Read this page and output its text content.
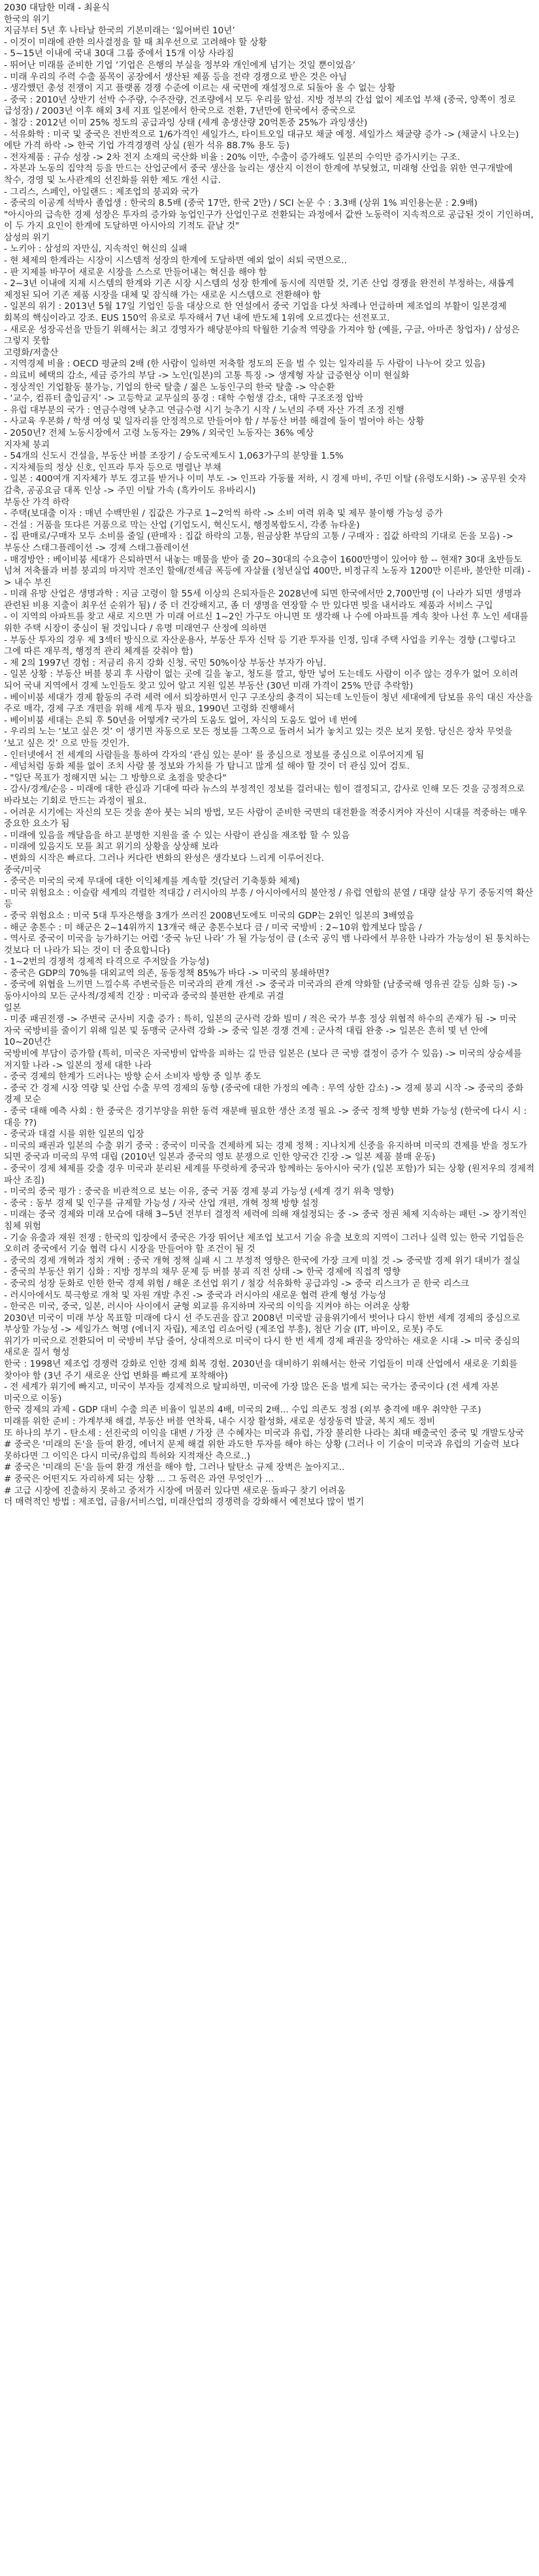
2030 대담한 미래 - 최윤식
한국의 위기
지금부터 5년 후 나타날 한국의 기본미래는 ‘잃어버린 10년’
- 이것이 미래에 관한 의사결정을 할 때 최우선으로 고려해야 할 상황
- 5~15년 이내에 국내 30대 그룹 중에서 15개 이상 사라짐
- 뛰어난 미래를 준비한 기업 ‘기업은 은행의 부실을 정부와 개인에게 넘기는 것일 뿐이었음’
- 미래 우리의 주력 수출 품목이 공장에서 생산된 제품 등을 전략 경쟁으로 받은 것은 아님
- 생각했던 총성 전쟁이 지고 플랫폼 경쟁 수준에 이르는 새 국면에 재설정으로 되돌아 올 수 없는 상황
- 중국 : 2010년 상반기 선박 수주량, 수주잔량, 건조량에서 모두 우리를 앞섬. 지방 정부의 간섭 없이 제조업 부채 (중국, 양쪽이 정로 급성장) / 2003년 이후 해외 3세 지표 일본에서 한국으로 전환, 7년만에 한국에서 중국으로
- 철강 : 2012년 이미 25% 정도의 공급과잉 상태 (세계 총생산량 20억톤중 25%가 과잉생산)
- 석유화학 : 미국 및 중국은 전반적으로 1/6가격인 셰일가스, 타이트오일 대규모 채굴 예정. 세일가스 채굴량 증가 -> (채굴시 나오는) 에탄 가격 하락 -> 한국 기업 가격경쟁력 상실 (원가 석유 88.7% 용도 등)
- 전자제품 : 규슈 성장 -> 2차 전지 소재의 국산화 비율 : 20% 이만, 수출이 증가해도 일본의 수익만 증가시키는 구조.
- 자본과 노동의 집약적 등을 만드는 산업군에서 중국 생산을 늘리는 생산지 이전이 한계에 부딪혔고, 미래형 산업을 위한 연구개발에 착수, 경영 및 노사관계의 선진화를 위한 제도 개선 시급.
- 그리스, 스페인, 아일랜드 : 제조업의 붕괴와 국가
- 중국의 이공계 석박사 졸업생 : 한국의 8.5배 (중국 17만, 한국 2만) / SCI 논문 수 : 3.3배 (상위 1% 피인용논문 : 2.9배)
"아시아의 급속한 경제 성장은 투자의 증가와 농업인구가 산업인구로 전환되는 과정에서 값싼 노동력이 지속적으로 공급된 것이 기인하며, 이 두 가지 요인이 한계에 도달하면 아시아의 기적도 끝날 것"
삼성의 위기
- 노키아 : 삼성의 자만심, 지속적인 혁신의 실패
- 현 체제의 한계라는 시장이 시스템적 성장의 한계에 도달하면 예외 없이 쇠퇴 국면으로..
- 판 지제를 바꾸어 새로운 시장을 스스로 만들어내는 혁신을 해야 함
- 2~3년 이내에 지제 시스템의 한계와 기존 시장 시스템의 성장 한계에 동시에 직면할 것, 기존 산업 경쟁을 완전히 부정하는, 새롭게 제정된 되어 기존 제품 시장을 대체 및 잠식해 가는 새로운 시스템으로 전환해야 함
- 일본의 위기 : 2013년 5월 17일 기업인 등을 대상으로 한 연설에서 중국 기업을 다섯 차례나 언급하며 제조업의 부활이 일본경제 회복의 핵심이라고 강조. EUS 150억 유로로 투자해서 7년 내에 반도체 1위에 오르겠다는 선전포고.
- 새로운 성장곡선을 만들기 위해서는 최고 경영자가 해당분야의 탁월한 기술적 역량을 가져야 함 (예를, 구글, 아마존 창업자) / 삼성은 그렇지 못함
고령화/저출산
- 지역경제 비율 : OECD 평균의 2배 (한 사람이 일하면 저축할 정도의 돈을 벌 수 있는 일자리를 두 사람이 나누어 갖고 있음)
- 의료비 혜택의 감소, 세금 증가의 부담 -> 노인(일본)의 고통 특징 -> 생계형 자살 급증현상 이미 현실화
- 정상적인 기업활동 불가능, 기업의 한국 탈출 / 젊은 노동인구의 한국 탈출 -> 악순환
- ‘교수, 컴퓨터 출입금지’ -> 고등학교 교무실의 풍경 : 대학 수험생 감소, 대학 구조조정 압박
- 유럽 대부분의 국가 : 연금수령액 낮추고 연금수령 시기 늦추기 시작 / 노년의 주택 자산 가격 조정 진행
- 사교육 우본화 / 학생 여성 및 일자리를 안정적으로 만들어야 함 / 부동산 버블 해결에 둘이 벌어야 하는 상황
- 2050년? 전체 노동시장에서 고령 노동자는 29% / 외국인 노동자는 36% 예상
지자체 붕괴
- 54개의 신도시 건설을, 부동산 버블 조장기 / 승도국제도시 1,063가구의 분양률 1.5%
- 지자체들의 정상 신호, 인프라 투자 등으로 명렬난 부채
- 일본 : 400여개 지자체가 부도 경고를 받거나 이미 부도 -> 인프라 가동률 저하, 시 경제 마비, 주민 이탈 (유령도시화) -> 공무원 숫자 감축, 공공요금 대폭 인상 -> 주민 이탈 가속 (흑카이도 유바리시)
부동산 가격 하락
- 주택(보대출 이자 : 매년 수백만원 / 집값은 가구로 1~2억씩 하락 -> 소비 여력 위축 및 제무 불이행 가능성 증가
- 건설 : 거품을 또다른 거품으로 막는 산업 (기업도시, 혁신도시, 행정복합도시, 각종 뉴타운)
- 집 판매로/구매자 모두 소비를 줄일 (판매자 : 집값 하락의 고통, 원금상환 부담의 고통 / 구매자 : 집값 하락의 기대로 돈을 모음) -> 부동산 스태그플레이션 -> 경제 스태그플레이션
- 매경방안 : 베이비붐 세대가 은퇴하면서 내놓는 매물을 받아 줄 20~30대의 수요층이 1600만명이 있어야 함 -- 현재? 30대 초반들도 넘쳐 저축률과 버블 붕괴의 마지막 전조인 할애/전세금 폭등에 자살률 (청년실업 400만, 비정규직 노동자 1200만 이른바, 불안한 미래) -> 내수 부진
- 미래 유망 산업은 생명과학 : 지금 고령이 할 55세 이상의 은퇴자들은 2028년에 되면 한국에서만 2,700만명 (이 나라가 되면 생명과 관련된 비용 지출이 최우선 순위가 됨) / 중 더 건강해지고, 좀 더 생명을 연장할 수 만 있다면 빚을 내서라도 제품과 서비스 구입
- 이 지역의 아파트를 찾고 새로 지으면 가 미래 어르신 1~2인 가구도 아니면 또 생각해 나 수에 아파트를 계속 찾아 나선 후 노인 세대를 위한 주택 시장이 중심이 될 것입니다 / 유명 미래연구 산정에 의하면
- 부동산 투자의 경우 제 3섹터 방식으로 자산운용사, 부동산 투자 신탁 등 기관 투자를 인정, 임대 주택 사업을 키우는 경향 (그렇다고 그에 따른 재무적, 행정적 관리 체계를 갖춰야 함)
- 제 2의 1997년 경험 : 저금리 유지 강화 신청. 국민 50%이상 부동산 부자가 아님.
- 일본 상황 : 부동산 버블 붕괴 후 사람이 없는 곳에 길을 놓고, 청도를 깔고, 항만 넣어 도는데도 사람이 이주 않는 경우가 없어 오히려 되어 국내 지역에서 경제 노인들도 찾고 있어 알고 지원 일본 부동산 (30년 미래 가격이 25% 만큼 추락함)
- 베이비붐 세대가 경제 활동의 주력 세력 에서 퇴장하면서 인구 구조상의 충격이 되는데 노인들이 청년 세대에게 담보를 유익 대신 자산을 주로 매각, 경제 구조 개편을 위해 세계 투자 필요, 1990년 고령화 진행해서
- 베이비붐 세대는 은퇴 후 50년을 어떻게? 국가의 도움도 없어, 자식의 도움도 없어 네 번에
- 우리의 노는 ‘보고 싶은 것’ 이 생기면 자동으로 모든 정보를 그쪽으로 돌려서 뇌가 놓치고 있는 것은 보지 못함. 당신은 장차 무엇을 ‘보고 싶은 것’ 으로 만들 것인가.
- 인터넷에서 전 세계의 사람들을 통하여 각자의 ‘관심 있는 분야’ 를 중심으로 정보를 중심으로 이루어지게 됨
- 세넘처럼 동화 제를 없이 조치 사람 불 정보와 가치를 가 탐니고 많게 설 해야 할 것이 더 관심 있어 검토.
- "일단 목표가 정해지면 뇌는 그 방향으로 초점을 맞춘다"
- 감사/경계/순응 - 미래에 대한 관심과 기대에 따라 뉴스의 부정적인 정보를 걸러내는 힘이 결정되고, 감사로 인해 모든 것을 긍정적으로 바라보는 기회로 만드는 과정이 필요.
- 어려운 시기에는 자신의 모든 것을 쏟아 붓는 뇌의 방법, 모든 사람이 준비한 국면의 대전환을 적중시켜야 자신이 시대를 적중하는 매우 중요한 요소가 됨
- 미래에 있음을 깨달음을 하고 분명한 지원을 줄 수 있는 사람이 관심을 재조합 할 수 있음
- 미래에 있음지도 모를 최고 위기의 상황을 상상해 보라
- 변화의 시작은 빠르다. 그러나 커다란 변화의 완성은 생각보다 느리게 이루어진다.
중국/미국
- 중국은 미국의 국제 무대에 대한 이익체계를 계속할 것(달러 기축통화 체제)
- 미국 위험요소 : 이슬람 세계의 격렬한 적대감 / 러시아의 부흥 / 아시아에서의 불안정 / 유럽 연합의 분열 / 대량 살상 무기 중동지역 확산 등
- 중국 위험요소 : 미국 5대 투자은행을 3개가 쓰러진 2008년도에도 미국의 GDP는 2위인 일본의 3배였음
- 해군 총톤수 : 미 해군은 2~14위까지 13개국 해군 총톤수보다 큼 / 미국 국방비 : 2~10위 합계보다 많음 /
- 역사로 중국이 미국을 능가하기는 어렵 ‘중국 뉴딘 나라’ 가 될 가능성이 큼 (소국 공익 뱀 나라에서 부유한 나라가 가능성이 된 통치하는 것보다 더 나라가 되는 것이 더 중요합니다)
- 1~2번의 경쟁적 경제적 타격으로 주저앉을 가능성)
- 중국은 GDP의 70%를 대외교역 의존, 동동정책 85%가 바다 -> 미국의 봉쇄하면?
- 중국에 위협을 느끼면 느낄수록 주변국들은 미국과의 관계 개선 -> 중국과 미국과의 관계 약화할 (남중국해 영유권 갈등 심화 등) -> 동아시아의 모든 군사적/경제적 긴장 : 미국과 중국의 불편한 관계로 귀결
일본
- 미중 패권전쟁 -> 주변국 군사비 지출 증가 : 특히, 일본의 군사력 강화 빌미 / 적은 국가 부흥 정상 위협적 하수의 존재가 됨 -> 미국 자국 국방비를 줄이기 위해 일본 및 동맹국 군사력 강화 -> 중국 일본 경쟁 견제 : 군사적 대립 완충 -> 일본은 흔히 몇 년 안에 10~20년간
국방비에 부담이 증가할 (특히, 미국은 자국방비 압박을 피하는 길 만큼 일본은 (보다 큰 국방 결정이 증가 수 있음) -> 미국의 상승세를 저지할 나라 -> 일본의 정세 대한 나라
- 중국 경제의 한계가 드러나는 방향 순서 소비자 방향 중 일부 종도
- 중국 간 경제 시장 역량 및 산업 수출 무역 경제의 동향 (중국에 대한 가정의 예측 : 무역 상한 감소) -> 경제 붕괴 시작 -> 중국의 중화 경제 모순
- 중국 대해 예측 사회 : 한 중국은 경기부양을 위한 동력 재분배 필요한 생산 조정 필요 -> 중국 정책 방향 변화 가능성 (한국에 다시 시 : 대응 ??)
- 중국과 대결 시를 위한 일본의 입장
- 미국의 패권과 일본의 수출 위기 중국 : 중국이 미국을 견제하게 되는 경제 정책 : 지나치게 신중을 유지하며 미국의 견제를 받을 정도가 되면 중국과 미국의 무역 대립 (2010년 일본과 중국의 영토 분쟁으로 인한 양국간 긴장 -> 일본 제품 불매 운동)
- 중국이 경제 체제를 갖출 경우 미국과 분리된 세계를 뚜렷하게 중국과 함께하는 동아시아 국가 (일본 포함)가 되는 상황 (원저우의 경제적 파산 조짐)
- 미국의 중국 평가 : 중국을 비관적으로 보는 이유, 중국 거품 경제 붕괴 가능성 (세계 경기 위축 영향)
- 중국 : 동부 경제 및 인구를 규제할 가능성 / 자국 산업 개편, 개혁 정책 방향 설정
- 미래는 중국 경제와 미래 모습에 대해 3~5년 전부터 결정적 세력에 의해 재설정되는 중 -> 중국 정권 체제 지속하는 패턴 -> 장기적인 침체 위험
- 기술 유출과 재원 전쟁 : 한국의 입장에서 중국은 가장 뛰어난 제조업 보고서 기술 유출 보호의 지역이 그러나 실력 있는 한국 기업들은 오히려 중국에서 기술 협력 다시 시장을 만들어야 할 조건이 될 것
- 중국의 경제 개혁과 정치 개혁 : 중국 개혁 정책 실패 시 그 부정적 영향은 한국에 가장 크게 미칠 것 -> 중국발 경제 위기 대비가 절실
- 중국의 부동산 위기 심화 : 지방 정부의 채무 문제 등 버블 붕괴 직전 상태 -> 한국 경제에 직접적 영향
- 중국의 성장 둔화로 인한 한국 경제 위험 / 해운 조선업 위기 / 철강 석유화학 공급과잉 -> 중국 리스크가 곧 한국 리스크
- 러시아에서도 북극항로 개척 및 자원 개발 추진 -> 중국과 러시아의 새로운 협력 관계 형성 가능성
- 한국은 미국, 중국, 일본, 러시아 사이에서 균형 외교를 유지하며 자국의 이익을 지켜야 하는 어려운 상황
2030년 미국이 미래 부상 목표할 미래에 다시 선 주도권을 잡고 2008년 미국발 금융위기에서 벗어나 다시 한번 세계 경제의 중심으로 부상할 가능성 -> 셰일가스 혁명 (에너지 자립), 제조업 리쇼어링 (제조업 부흥), 첨단 기술 (IT, 바이오, 로봇) 주도
위기가 미국으로 전환되어 미 국방비 부담 줄어, 상대적으로 미국이 다시 한 번 세계 경제 패권을 장악하는 새로운 시대 -> 미국 중심의 새로운 질서 형성
한국 : 1998년 제조업 경쟁력 강화로 인한 경제 회복 경험. 2030년을 대비하기 위해서는 한국 기업들이 미래 산업에서 새로운 기회를 찾아야 함 (3년 주기 새로운 산업 변화를 빠르게 포착해야)
- 전 세계가 위기에 빠지고, 미국이 부자들 경제적으로 탈피하면, 미국에 가장 많은 돈을 벌게 되는 국가는 중국이다 (전 세계 자본 미국으로 이동)
한국 경제의 과제 - GDP 대비 수출 의존 비율이 일본의 4배, 미국의 2배... 수입 의존도 정점 (외부 충격에 매우 취약한 구조)
미래를 위한 준비 : 가계부채 해결, 부동산 버블 연착륙, 내수 시장 활성화, 새로운 성장동력 발굴, 복지 제도 정비
또 하나의 부기 - 탄소세 : 선진국의 이익을 대변 / 가장 큰 수혜자는 미국과 유럽, 가장 불리한 나라는 최대 배출국인 중국 및 개발도상국
# 중국은 '미래의 돈'을 들여 환경, 에너지 문제 해결 위한 과도한 투자를 해야 하는 상황 (그러나 이 기술이 미국과 유럽의 기술력 보다 못하다면 그 이익은 다시 미국/유럽의 특허와 지적재산 측으로..)
# 중국은 '미래의 돈'을 들여 환경 개선을 해야 함, 그러나 탈탄소 규제 장벽은 높아지고..
# 중국은 어떤지도 자리하게 되는 상황 ... 그 동력은 과연 무엇인가 ...
# 고급 시장에 진출하지 못하고 중저가 시장에 머물러 있다면 새로운 돌파구 찾기 어려움
더 매력적인 방법 : 제조업, 금융/서비스업, 미래산업의 경쟁력을 강화해서 예전보다 많이 벌기
